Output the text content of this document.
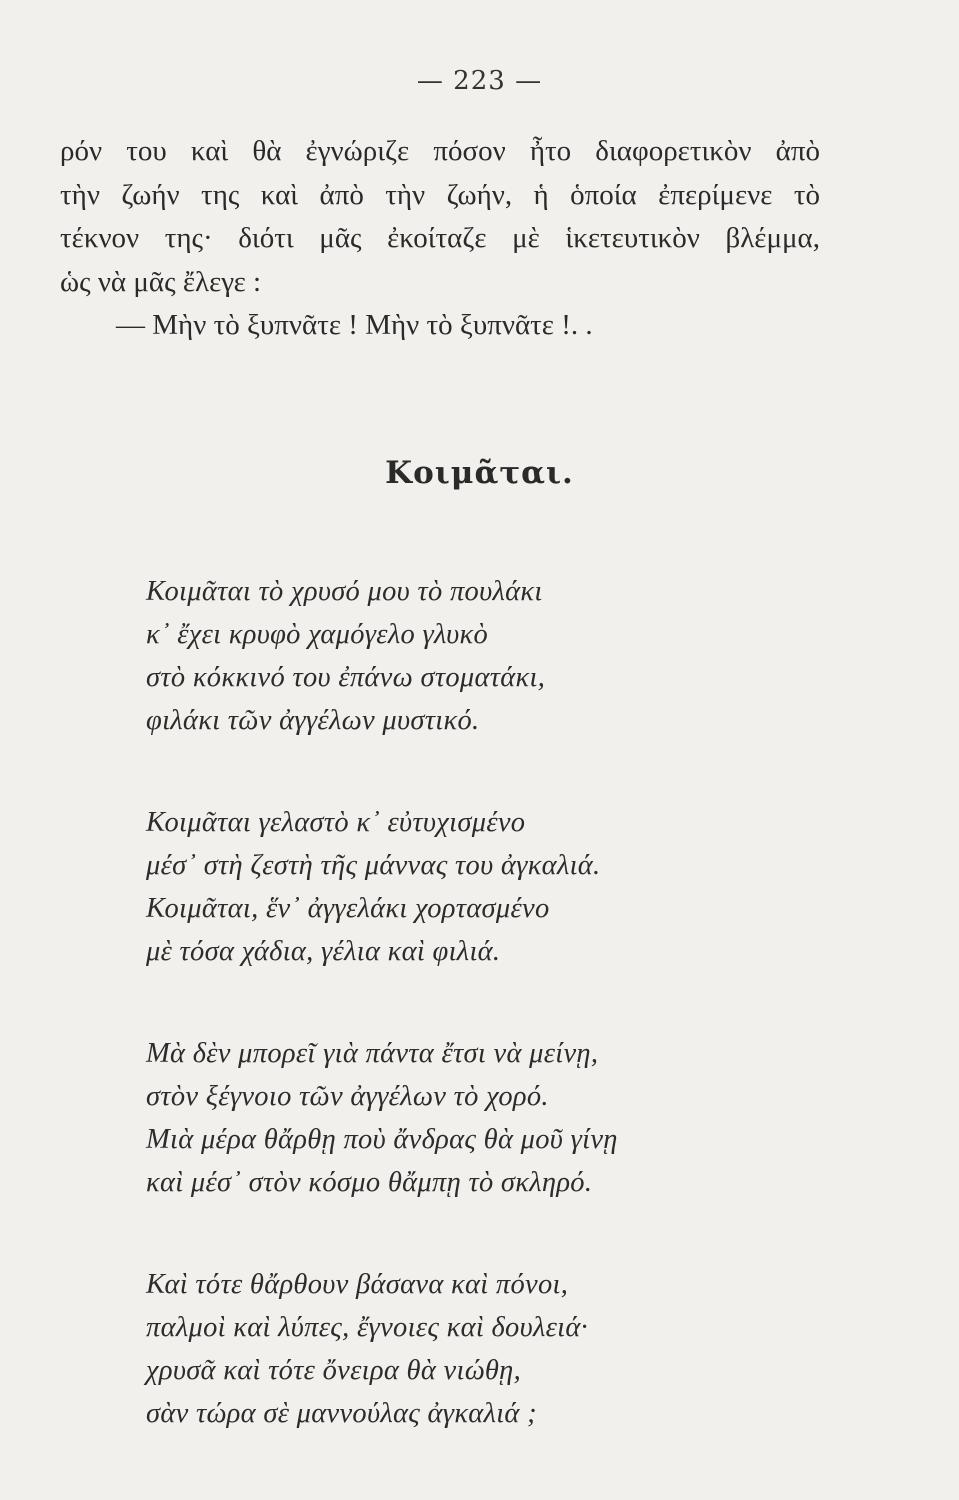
— 223 —
ρόν του καὶ θὰ ἐγνώριζε πόσον ἦτο διαφορετικὸν ἀπὸ
τὴν ζωήν της καὶ ἀπὸ τὴν ζωήν, ἡ ὁποία ἐπερίμενε τὸ
τέκνον της· διότι μᾶς ἐκοίταζε μὲ ἱκετευτικὸν βλέμμα,
ὡς νὰ μᾶς ἔλεγε :
— Μὴν τὸ ξυπνᾶτε ! Μὴν τὸ ξυπνᾶτε !. .
Κοιμᾶται.
Κοιμᾶται τὸ χρυσό μου τὸ πουλάκι
κ᾽ ἔχει κρυφὸ χαμόγελο γλυκὸ
στὸ κόκκινό του ἐπάνω στοματάκι,
φιλάκι τῶν ἀγγέλων μυστικό.
Κοιμᾶται γελαστὸ κ᾽ εὐτυχισμένο
μέσ᾽ στὴ ζεστὴ τῆς μάννας του ἀγκαλιά.
Κοιμᾶται, ἕν᾽ ἀγγελάκι χορτασμένο
μὲ τόσα χάδια, γέλια καὶ φιλιά.
Μὰ δὲν μπορεῖ γιὰ πάντα ἔτσι νὰ μείνῃ,
στὸν ξέγνοιο τῶν ἀγγέλων τὸ χορό.
Μιὰ μέρα θἄρθῃ ποὺ ἄνδρας θὰ μοῦ γίνῃ
καὶ μέσ᾽ στὸν κόσμο θἄμπῃ τὸ σκληρό.
Καὶ τότε θἄρθουν βάσανα καὶ πόνοι,
παλμοὶ καὶ λύπες, ἔγνοιες καὶ δουλειά·
χρυσᾶ καὶ τότε ὄνειρα θὰ νιώθῃ,
σὰν τώρα σὲ μαννούλας ἀγκαλιά ;
